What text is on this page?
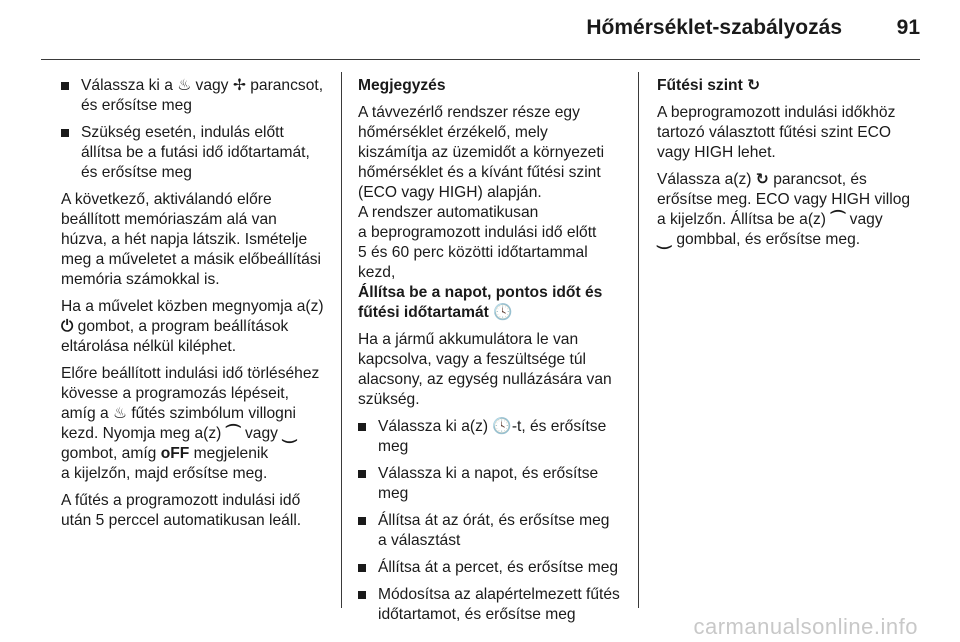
Hőmérséklet-szabályozás	91
Válassza ki a ♨ vagy ✢ parancsot,
és erősítse meg
Szükség esetén, indulás előtt
állítsa be a futási idő időtartamát,
és erősítse meg

A következő, aktiválandó előre
beállított memóriaszám alá van
húzva, a hét napja látszik. Ismételje
meg a műveletet a másik előbeállítási
memória számokkal is.

Ha a művelet közben megnyomja a(z)
⏻ gombot, a program beállítások
eltárolása nélkül kiléphet.

Előre beállított indulási idő törléséhez
kövesse a programozás lépéseit,
amíg a ♨ fűtés szimbólum villogni
kezd. Nyomja meg a(z) ⏜ vagy ⏝
gombot, amíg oFF megjelenik
a kijelzőn, majd erősítse meg.

A fűtés a programozott indulási idő
után 5 perccel automatikusan leáll.

Megjegyzés

A távvezérlő rendszer része egy
hőmérséklet érzékelő, mely
kiszámítja az üzemidőt a környezeti
hőmérséklet és a kívánt fűtési szint
(ECO vagy HIGH) alapján.
A rendszer automatikusan
a beprogramozott indulási idő előtt
5 és 60 perc közötti időtartammal
kezd,

Állítsa be a napot, pontos időt és
fűtési időtartamát 🕓

Ha a jármű akkumulátora le van
kapcsolva, vagy a feszültsége túl
alacsony, az egység nullázására van
szükség.

Válassza ki a(z) 🕓-t, és erősítse
meg
Válassza ki a napot, és erősítse
meg
Állítsa át az órát, és erősítse meg
a választást
Állítsa át a percet, és erősítse meg
Módosítsa az alapértelmezett fűtés
időtartamot, és erősítse meg

Fűtési szint ↻

A beprogramozott indulási időkhöz
tartozó választott fűtési szint ECO
vagy HIGH lehet.

Válassza a(z) ↻ parancsot, és
erősítse meg. ECO vagy HIGH villog
a kijelzőn. Állítsa be a(z) ⏜ vagy
⏝ gombbal, és erősítse meg.

carmanualsonline.info
